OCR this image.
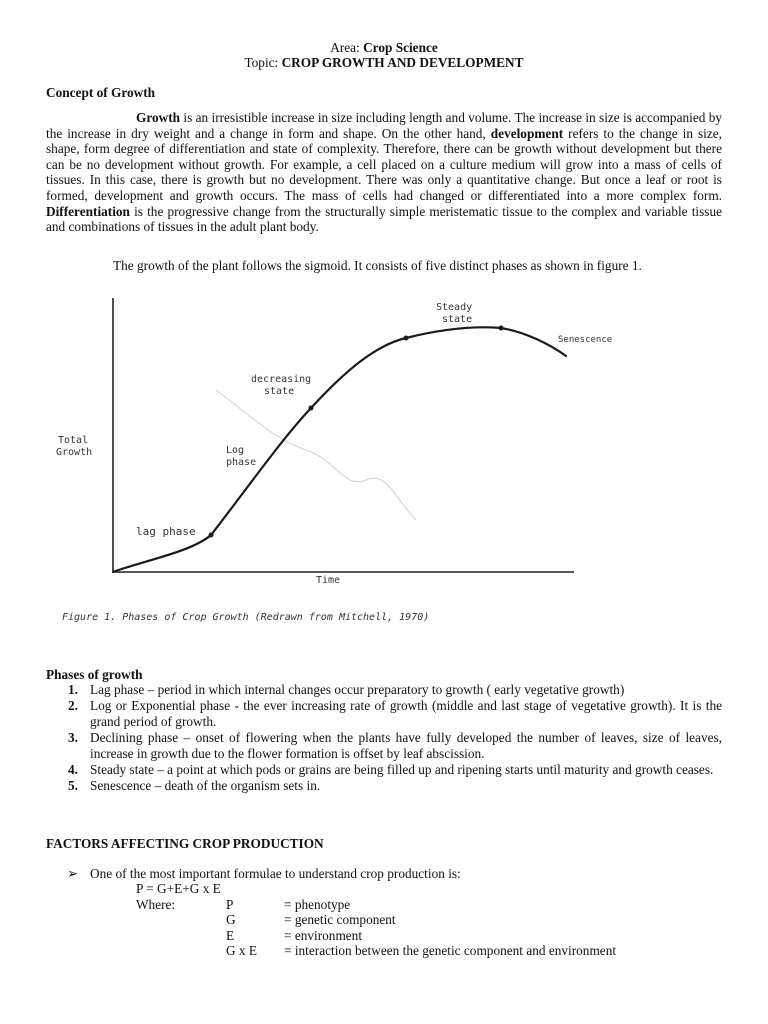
Area: Crop Science
Topic: CROP GROWTH AND DEVELOPMENT
Concept of Growth
Growth is an irresistible increase in size including length and volume. The increase in size is accompanied by the increase in dry weight and a change in form and shape. On the other hand, development refers to the change in size, shape, form degree of differentiation and state of complexity. Therefore, there can be growth without development but there can be no development without growth. For example, a cell placed on a culture medium will grow into a mass of cells of tissues. In this case, there is growth but no development. There was only a quantitative change. But once a leaf or root is formed, development and growth occurs. The mass of cells had changed or differentiated into a more complex form. Differentiation is the progressive change from the structurally simple meristematic tissue to the complex and variable tissue and combinations of tissues in the adult plant body.
The growth of the plant follows the sigmoid. It consists of five distinct phases as shown in figure 1.
Total
Growth
Time
lag phase
Log
phase
decreasing
state
Steady
state
Senescence
Figure 1. Phases of Crop Growth (Redrawn from Mitchell, 1970)
Phases of growth
1. Lag phase – period in which internal changes occur preparatory to growth ( early vegetative growth)
2. Log or Exponential phase - the ever increasing rate of growth (middle and last stage of vegetative growth). It is the grand period of growth.
3. Declining phase – onset of flowering when the plants have fully developed the number of leaves, size of leaves, increase in growth due to the flower formation is offset by leaf abscission.
4. Steady state – a point at which pods or grains are being filled up and ripening starts until maturity and growth ceases.
5. Senescence – death of the organism sets in.
FACTORS AFFECTING CROP PRODUCTION
➢ One of the most important formulae to understand crop production is:
P = G+E+G x E
Where:	P	= phenotype
G	= genetic component
E	= environment
G x E = interaction between the genetic component and environment
